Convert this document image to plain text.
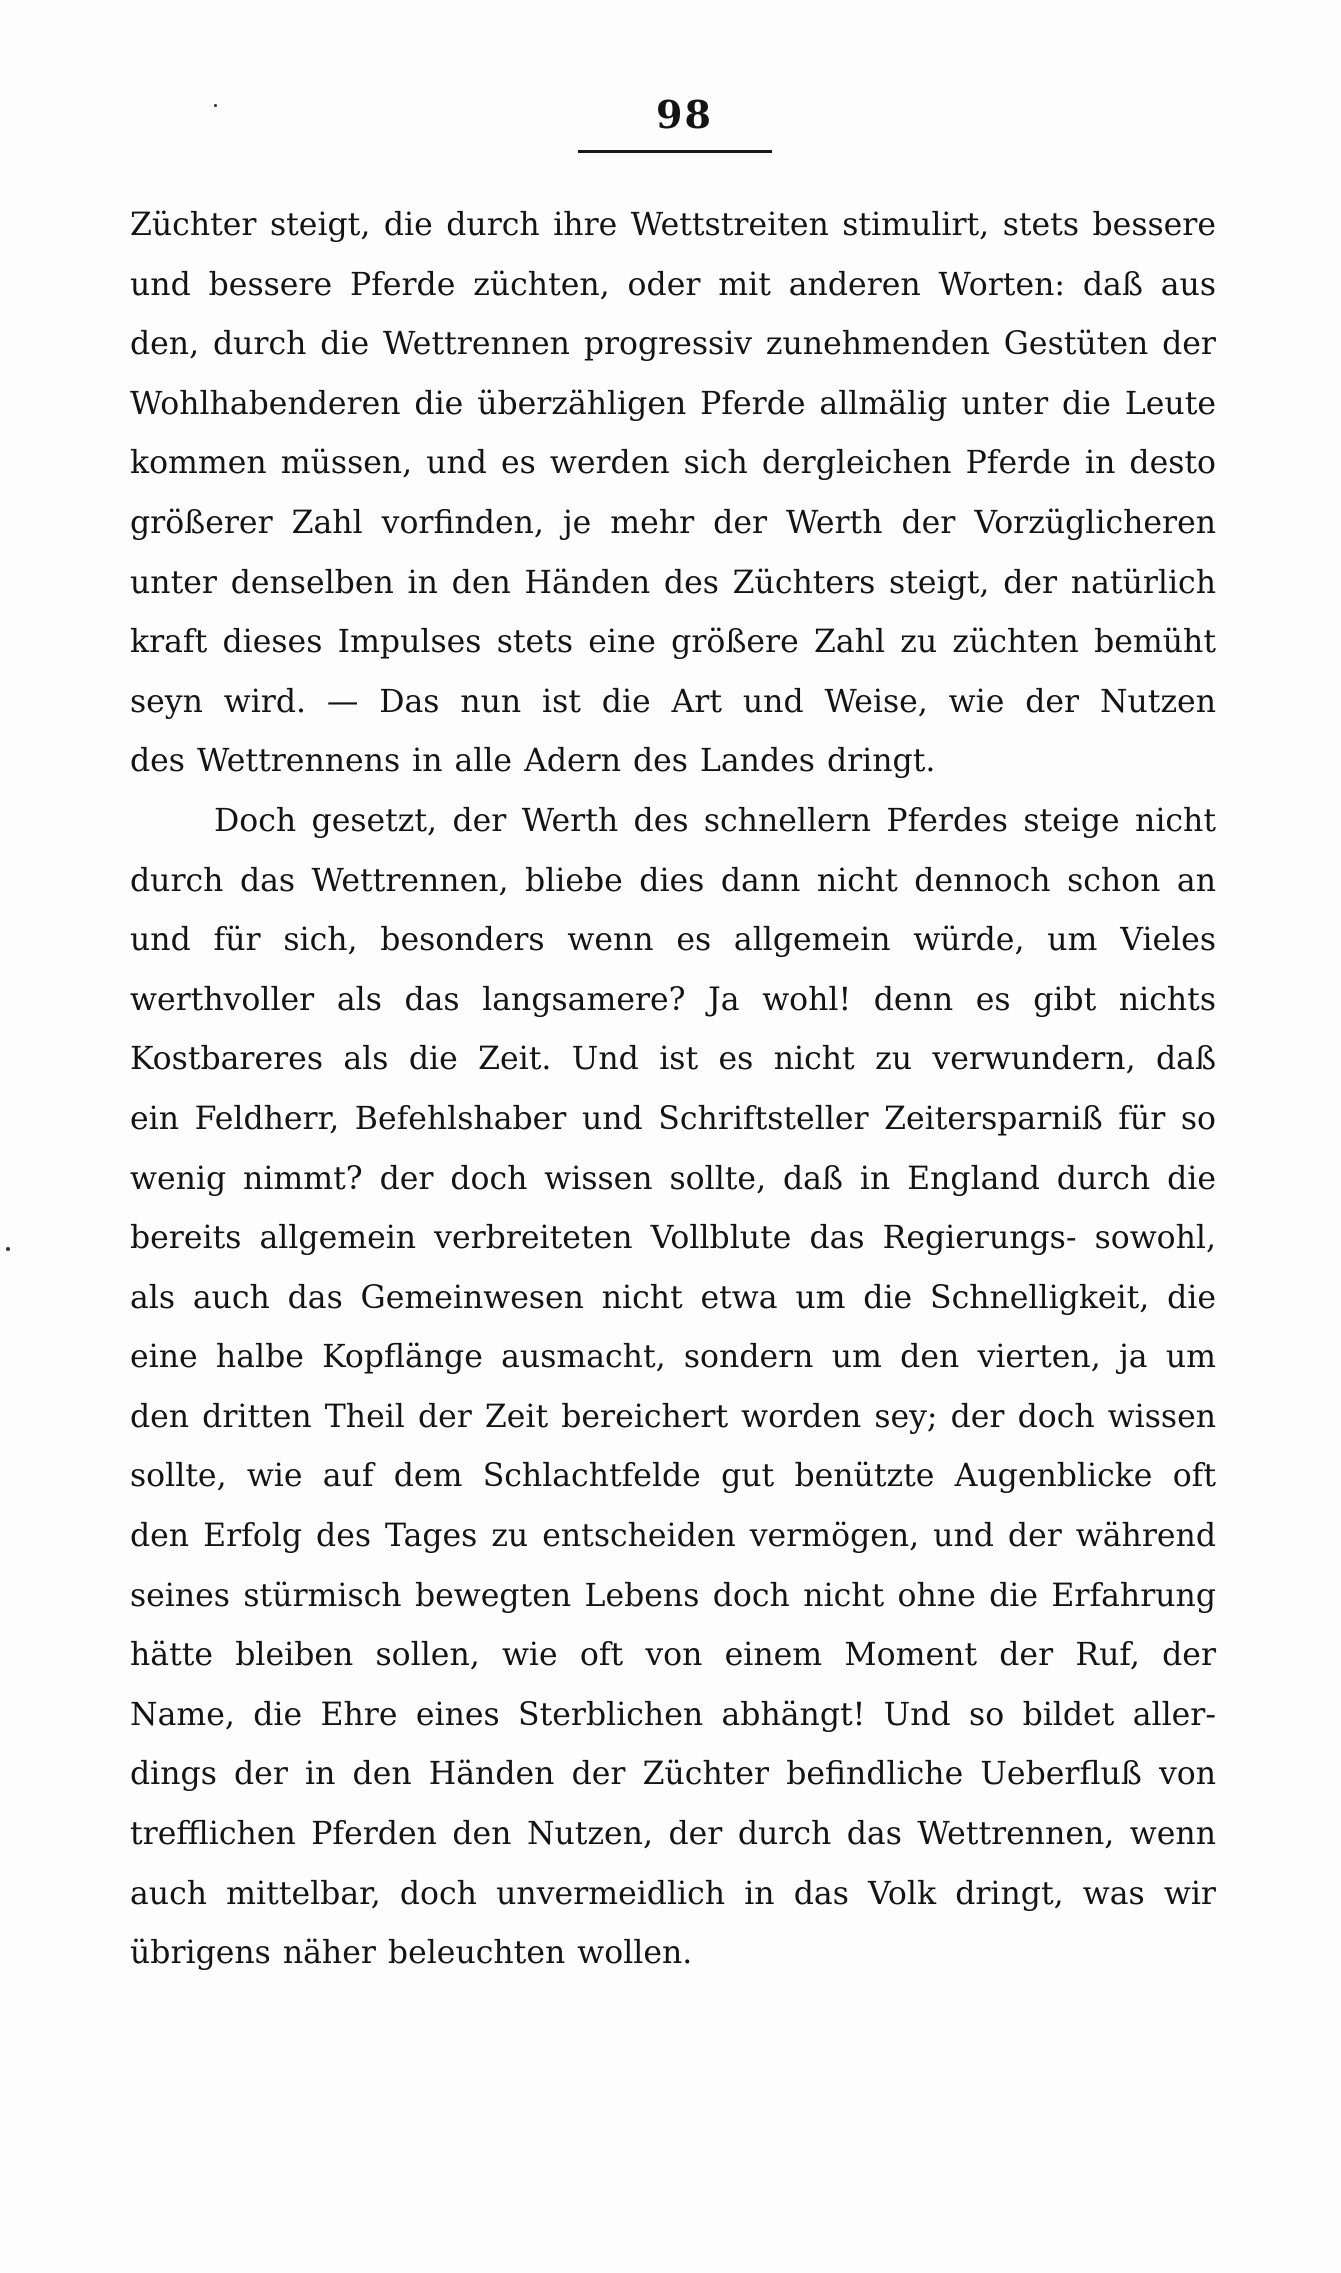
98
Züchter steigt, die durch ihre Wettstreiten stimulirt, stets bessere
und bessere Pferde züchten, oder mit anderen Worten: daß aus
den, durch die Wettrennen progressiv zunehmenden Gestüten der
Wohlhabenderen die überzähligen Pferde allmälig unter die Leute
kommen müssen, und es werden sich dergleichen Pferde in desto
größerer Zahl vorfinden, je mehr der Werth der Vorzüglicheren
unter denselben in den Händen des Züchters steigt, der natürlich
kraft dieses Impulses stets eine größere Zahl zu züchten bemüht
seyn wird. — Das nun ist die Art und Weise, wie der Nutzen
des Wettrennens in alle Adern des Landes dringt.
Doch gesetzt, der Werth des schnellern Pferdes steige nicht
durch das Wettrennen, bliebe dies dann nicht dennoch schon an
und für sich, besonders wenn es allgemein würde, um Vieles
werthvoller als das langsamere? Ja wohl! denn es gibt nichts
Kostbareres als die Zeit. Und ist es nicht zu verwundern, daß
ein Feldherr, Befehlshaber und Schriftsteller Zeitersparniß für so
wenig nimmt? der doch wissen sollte, daß in England durch die
bereits allgemein verbreiteten Vollblute das Regierungs- sowohl,
als auch das Gemeinwesen nicht etwa um die Schnelligkeit, die
eine halbe Kopflänge ausmacht, sondern um den vierten, ja um
den dritten Theil der Zeit bereichert worden sey; der doch wissen
sollte, wie auf dem Schlachtfelde gut benützte Augenblicke oft
den Erfolg des Tages zu entscheiden vermögen, und der während
seines stürmisch bewegten Lebens doch nicht ohne die Erfahrung
hätte bleiben sollen, wie oft von einem Moment der Ruf, der
Name, die Ehre eines Sterblichen abhängt! Und so bildet aller-
dings der in den Händen der Züchter befindliche Ueberfluß von
trefflichen Pferden den Nutzen, der durch das Wettrennen, wenn
auch mittelbar, doch unvermeidlich in das Volk dringt, was wir
übrigens näher beleuchten wollen.
